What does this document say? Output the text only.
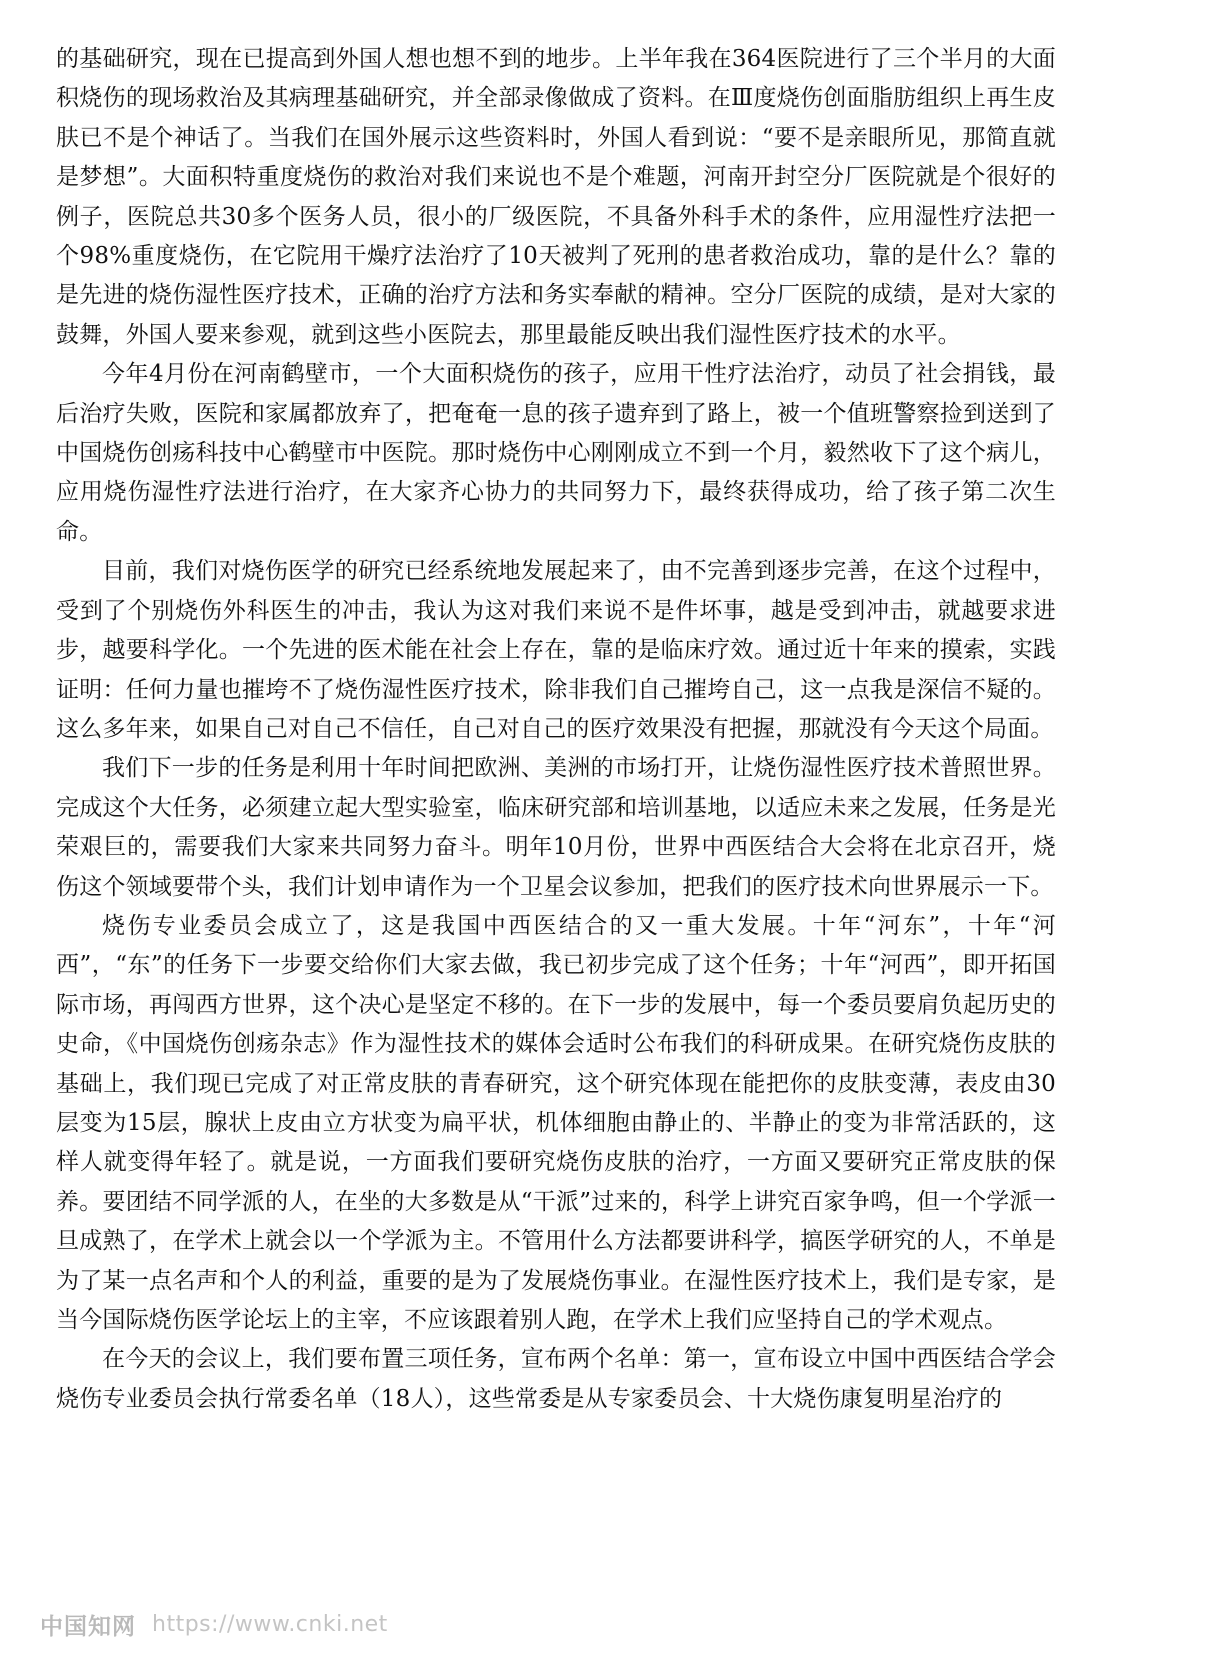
的基础研究，现在已提高到外国人想也想不到的地步。上半年我在364医院进行了三个半月的大面积烧伤的现场救治及其病理基础研究，并全部录像做成了资料。在Ⅲ度烧伤创面脂肪组织上再生皮肤已不是个神话了。当我们在国外展示这些资料时，外国人看到说：“要不是亲眼所见，那简直就是梦想”。大面积特重度烧伤的救治对我们来说也不是个难题，河南开封空分厂医院就是个很好的例子，医院总共30多个医务人员，很小的厂级医院，不具备外科手术的条件，应用湿性疗法把一个98%重度烧伤，在它院用干燥疗法治疗了10天被判了死刑的患者救治成功，靠的是什么？靠的是先进的烧伤湿性医疗技术，正确的治疗方法和务实奉献的精神。空分厂医院的成绩，是对大家的鼓舞，外国人要来参观，就到这些小医院去，那里最能反映出我们湿性医疗技术的水平。

今年4月份在河南鹤壁市，一个大面积烧伤的孩子，应用干性疗法治疗，动员了社会捐钱，最后治疗失败，医院和家属都放弃了，把奄奄一息的孩子遗弃到了路上，被一个值班警察捡到送到了中国烧伤创疡科技中心鹤壁市中医院。那时烧伤中心刚刚成立不到一个月，毅然收下了这个病儿，应用烧伤湿性疗法进行治疗，在大家齐心协力的共同努力下，最终获得成功，给了孩子第二次生命。

目前，我们对烧伤医学的研究已经系统地发展起来了，由不完善到逐步完善，在这个过程中，受到了个别烧伤外科医生的冲击，我认为这对我们来说不是件坏事，越是受到冲击，就越要求进步，越要科学化。一个先进的医术能在社会上存在，靠的是临床疗效。通过近十年来的摸索，实践证明：任何力量也摧垮不了烧伤湿性医疗技术，除非我们自己摧垮自己，这一点我是深信不疑的。这么多年来，如果自己对自己不信任，自己对自己的医疗效果没有把握，那就没有今天这个局面。

我们下一步的任务是利用十年时间把欧洲、美洲的市场打开，让烧伤湿性医疗技术普照世界。完成这个大任务，必须建立起大型实验室，临床研究部和培训基地，以适应未来之发展，任务是光荣艰巨的，需要我们大家来共同努力奋斗。明年10月份，世界中西医结合大会将在北京召开，烧伤这个领域要带个头，我们计划申请作为一个卫星会议参加，把我们的医疗技术向世界展示一下。

烧伤专业委员会成立了，这是我国中西医结合的又一重大发展。十年“河东”，十年“河西”，“东”的任务下一步要交给你们大家去做，我已初步完成了这个任务；十年“河西”，即开拓国际市场，再闯西方世界，这个决心是坚定不移的。在下一步的发展中，每一个委员要肩负起历史的史命，《中国烧伤创疡杂志》作为湿性技术的媒体会适时公布我们的科研成果。在研究烧伤皮肤的基础上，我们现已完成了对正常皮肤的青春研究，这个研究体现在能把你的皮肤变薄，表皮由30层变为15层，腺状上皮由立方状变为扁平状，机体细胞由静止的、半静止的变为非常活跃的，这样人就变得年轻了。就是说，一方面我们要研究烧伤皮肤的治疗，一方面又要研究正常皮肤的保养。要团结不同学派的人，在坐的大多数是从“干派”过来的，科学上讲究百家争鸣，但一个学派一旦成熟了，在学术上就会以一个学派为主。不管用什么方法都要讲科学，搞医学研究的人，不单是为了某一点名声和个人的利益，重要的是为了发展烧伤事业。在湿性医疗技术上，我们是专家，是当今国际烧伤医学论坛上的主宰，不应该跟着别人跑，在学术上我们应坚持自己的学术观点。

在今天的会议上，我们要布置三项任务，宣布两个名单：第一，宣布设立中国中西医结合学会烧伤专业委员会执行常委名单（18人），这些常委是从专家委员会、十大烧伤康复明星治疗的

中国知网 https://www.cnki.net
